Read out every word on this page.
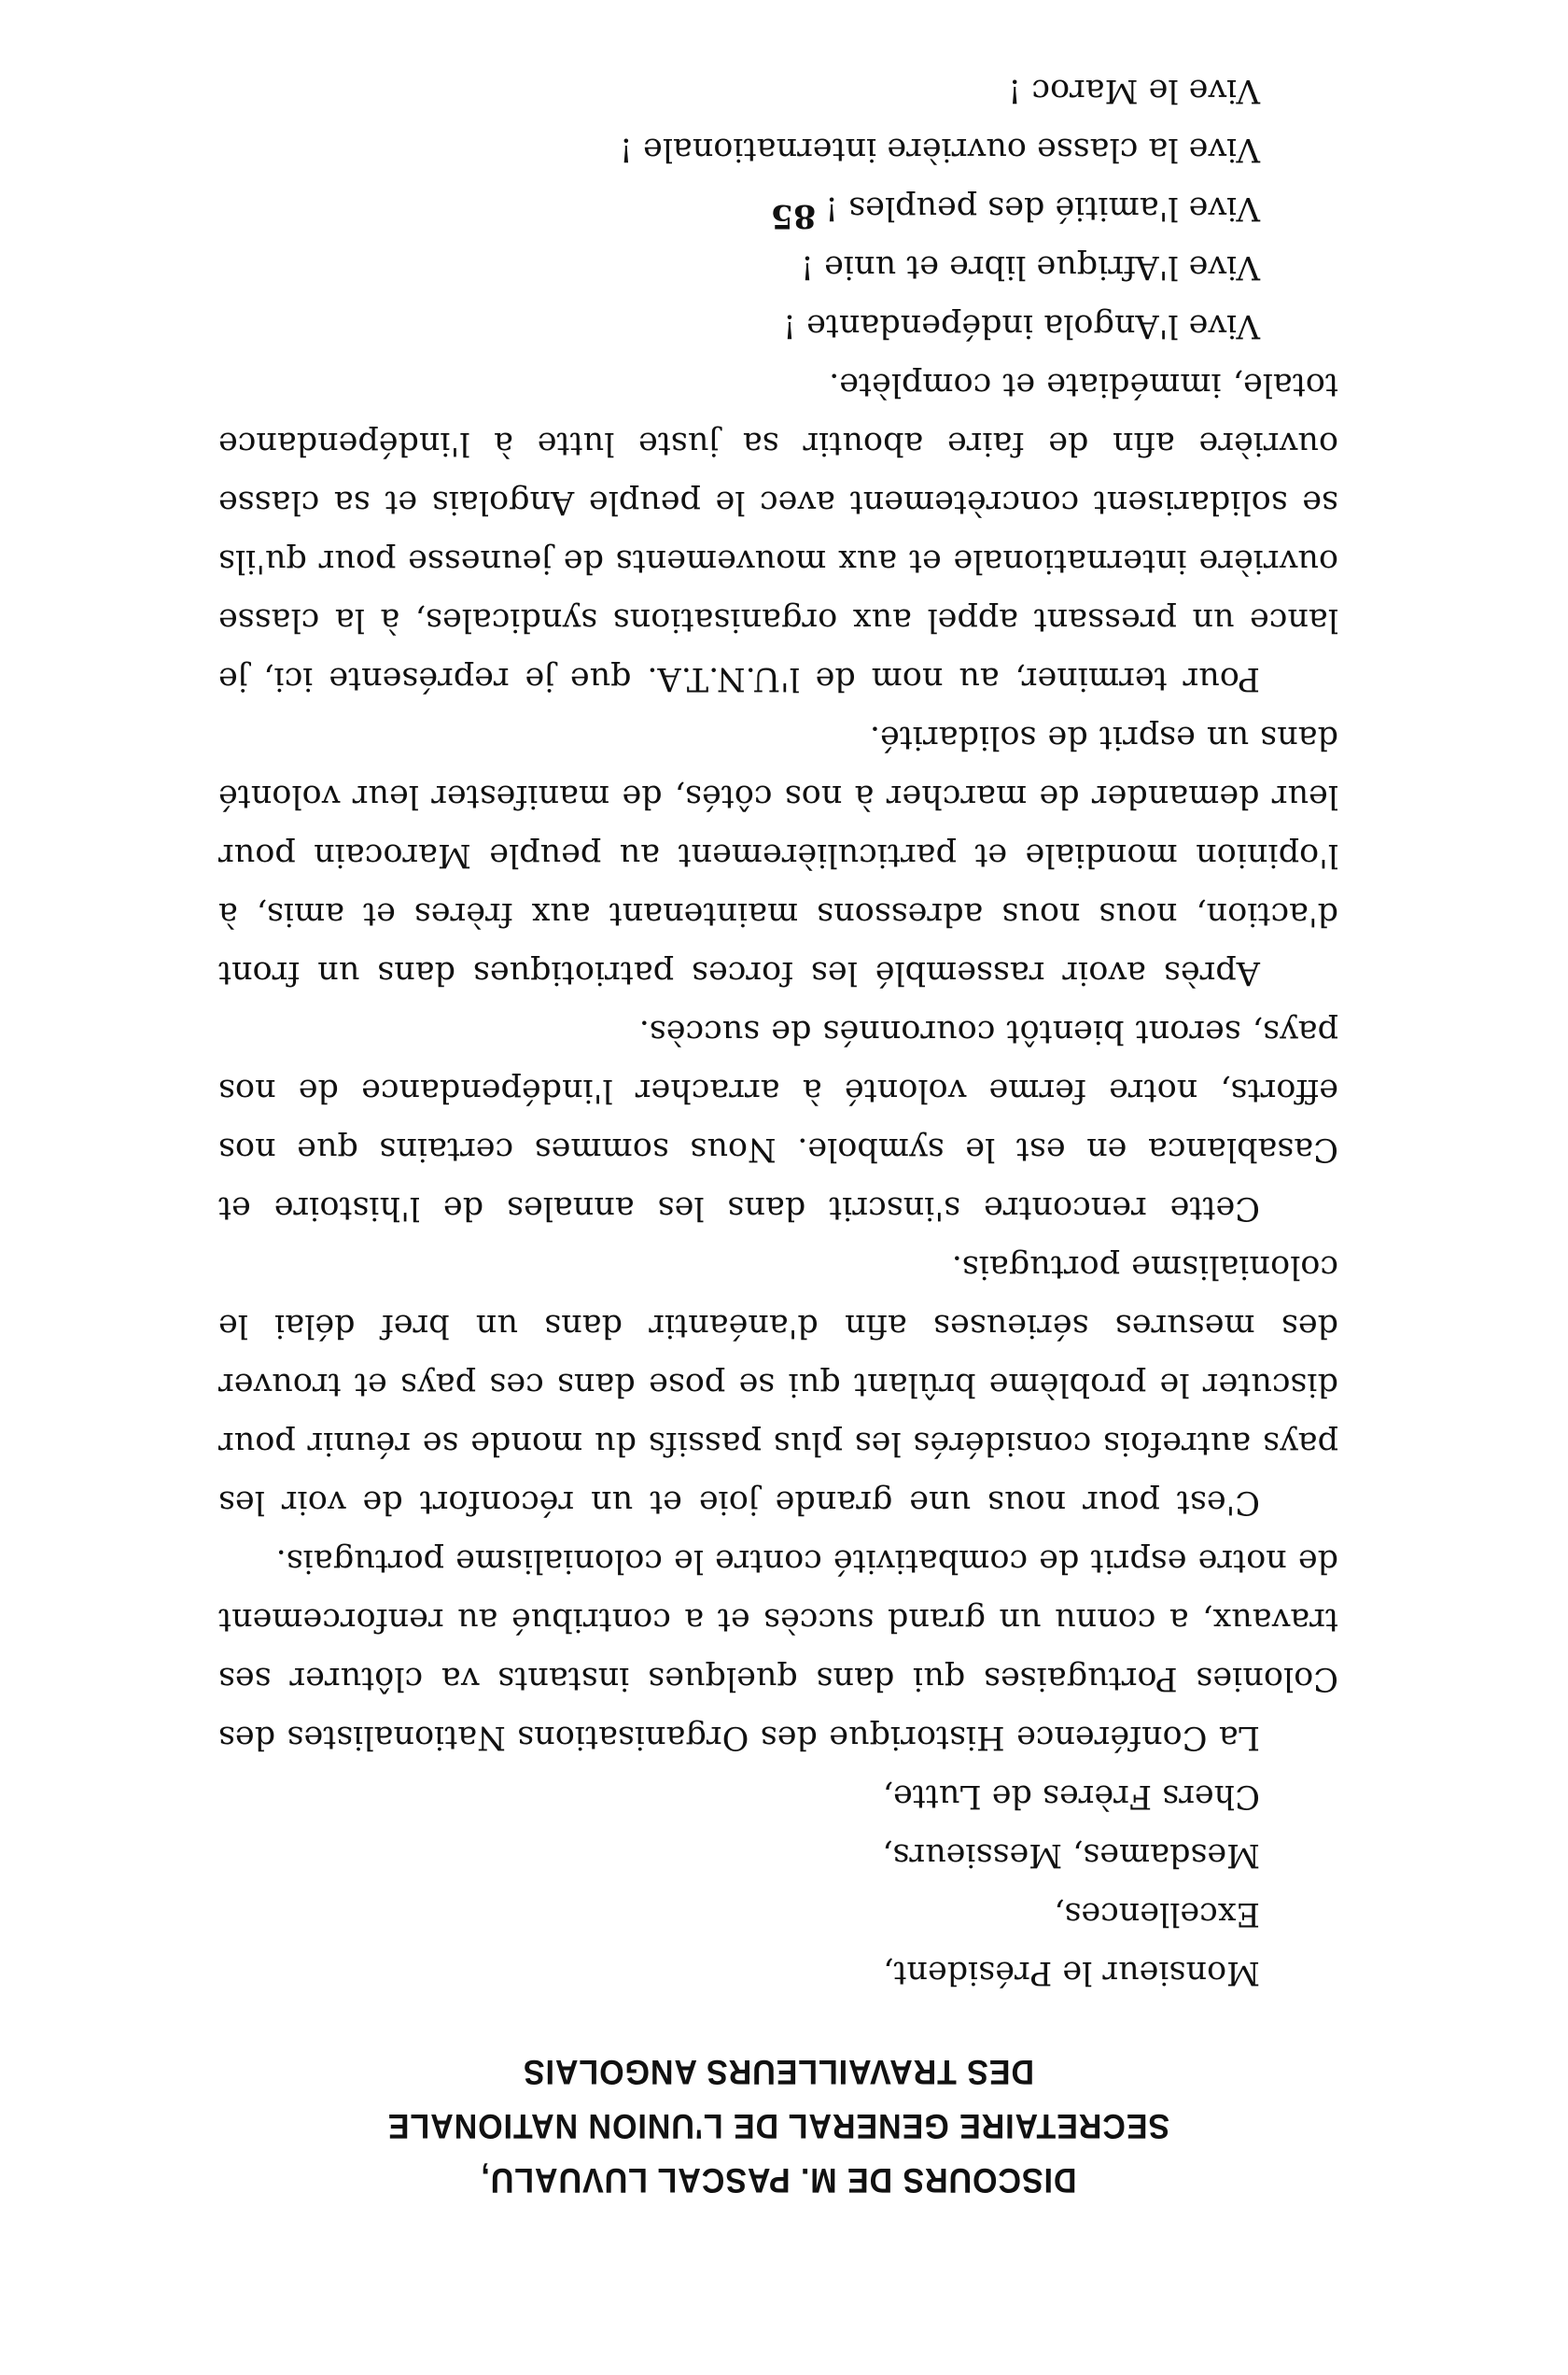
DISCOURS DE M. PASCAL LUVUALU,
SECRETAIRE GENERAL DE L'UNION NATIONALE
DES TRAVAILLEURS ANGOLAIS
Monsieur le Président,
Excellences,
Mesdames, Messieurs,
Chers Frères de Lutte,

La Conférence Historique des Organisations Nationalistes des Colonies Portugaises qui dans quelques instants va clôturer ses travaux, a connu un grand succès et a contribué au renforcement de notre esprit de combativité contre le colonialisme portugais.

C'est pour nous une grande joie et un réconfort de voir les pays autrefois considérés les plus passifs du monde se réunir pour discuter le problème brûlant qui se pose dans ces pays et trouver des mesures sérieuses afin d'anéantir dans un bref délai le colonialisme portugais.

Cette rencontre s'inscrit dans les annales de l'histoire et Casablanca en est le symbole. Nous sommes certains que nos efforts, notre ferme volonté à arracher l'indépendance de nos pays, seront bientôt couronnés de succès.

Après avoir rassemblé les forces patriotiques dans un front d'action, nous nous adressons maintenant aux frères et amis, à l'opinion mondiale et particulièrement au peuple Marocain pour leur demander de marcher à nos côtés, de manifester leur volonté dans un esprit de solidarité.

Pour terminer, au nom de l'U.N.T.A. que je représente ici, je lance un pressant appel aux organisations syndicales, à la classe ouvrière internationale et aux mouvements de jeunesse pour qu'ils se solidarisent concrètement avec le peuple Angolais et sa classe ouvrière afin de faire aboutir sa juste lutte à l'indépendance totale, immédiate et complète.

Vive l'Angola indépendante !
Vive l'Afrique libre et unie !
Vive l'amitié des peuples !
Vive la classe ouvrière internationale !
Vive le Maroc !
85
